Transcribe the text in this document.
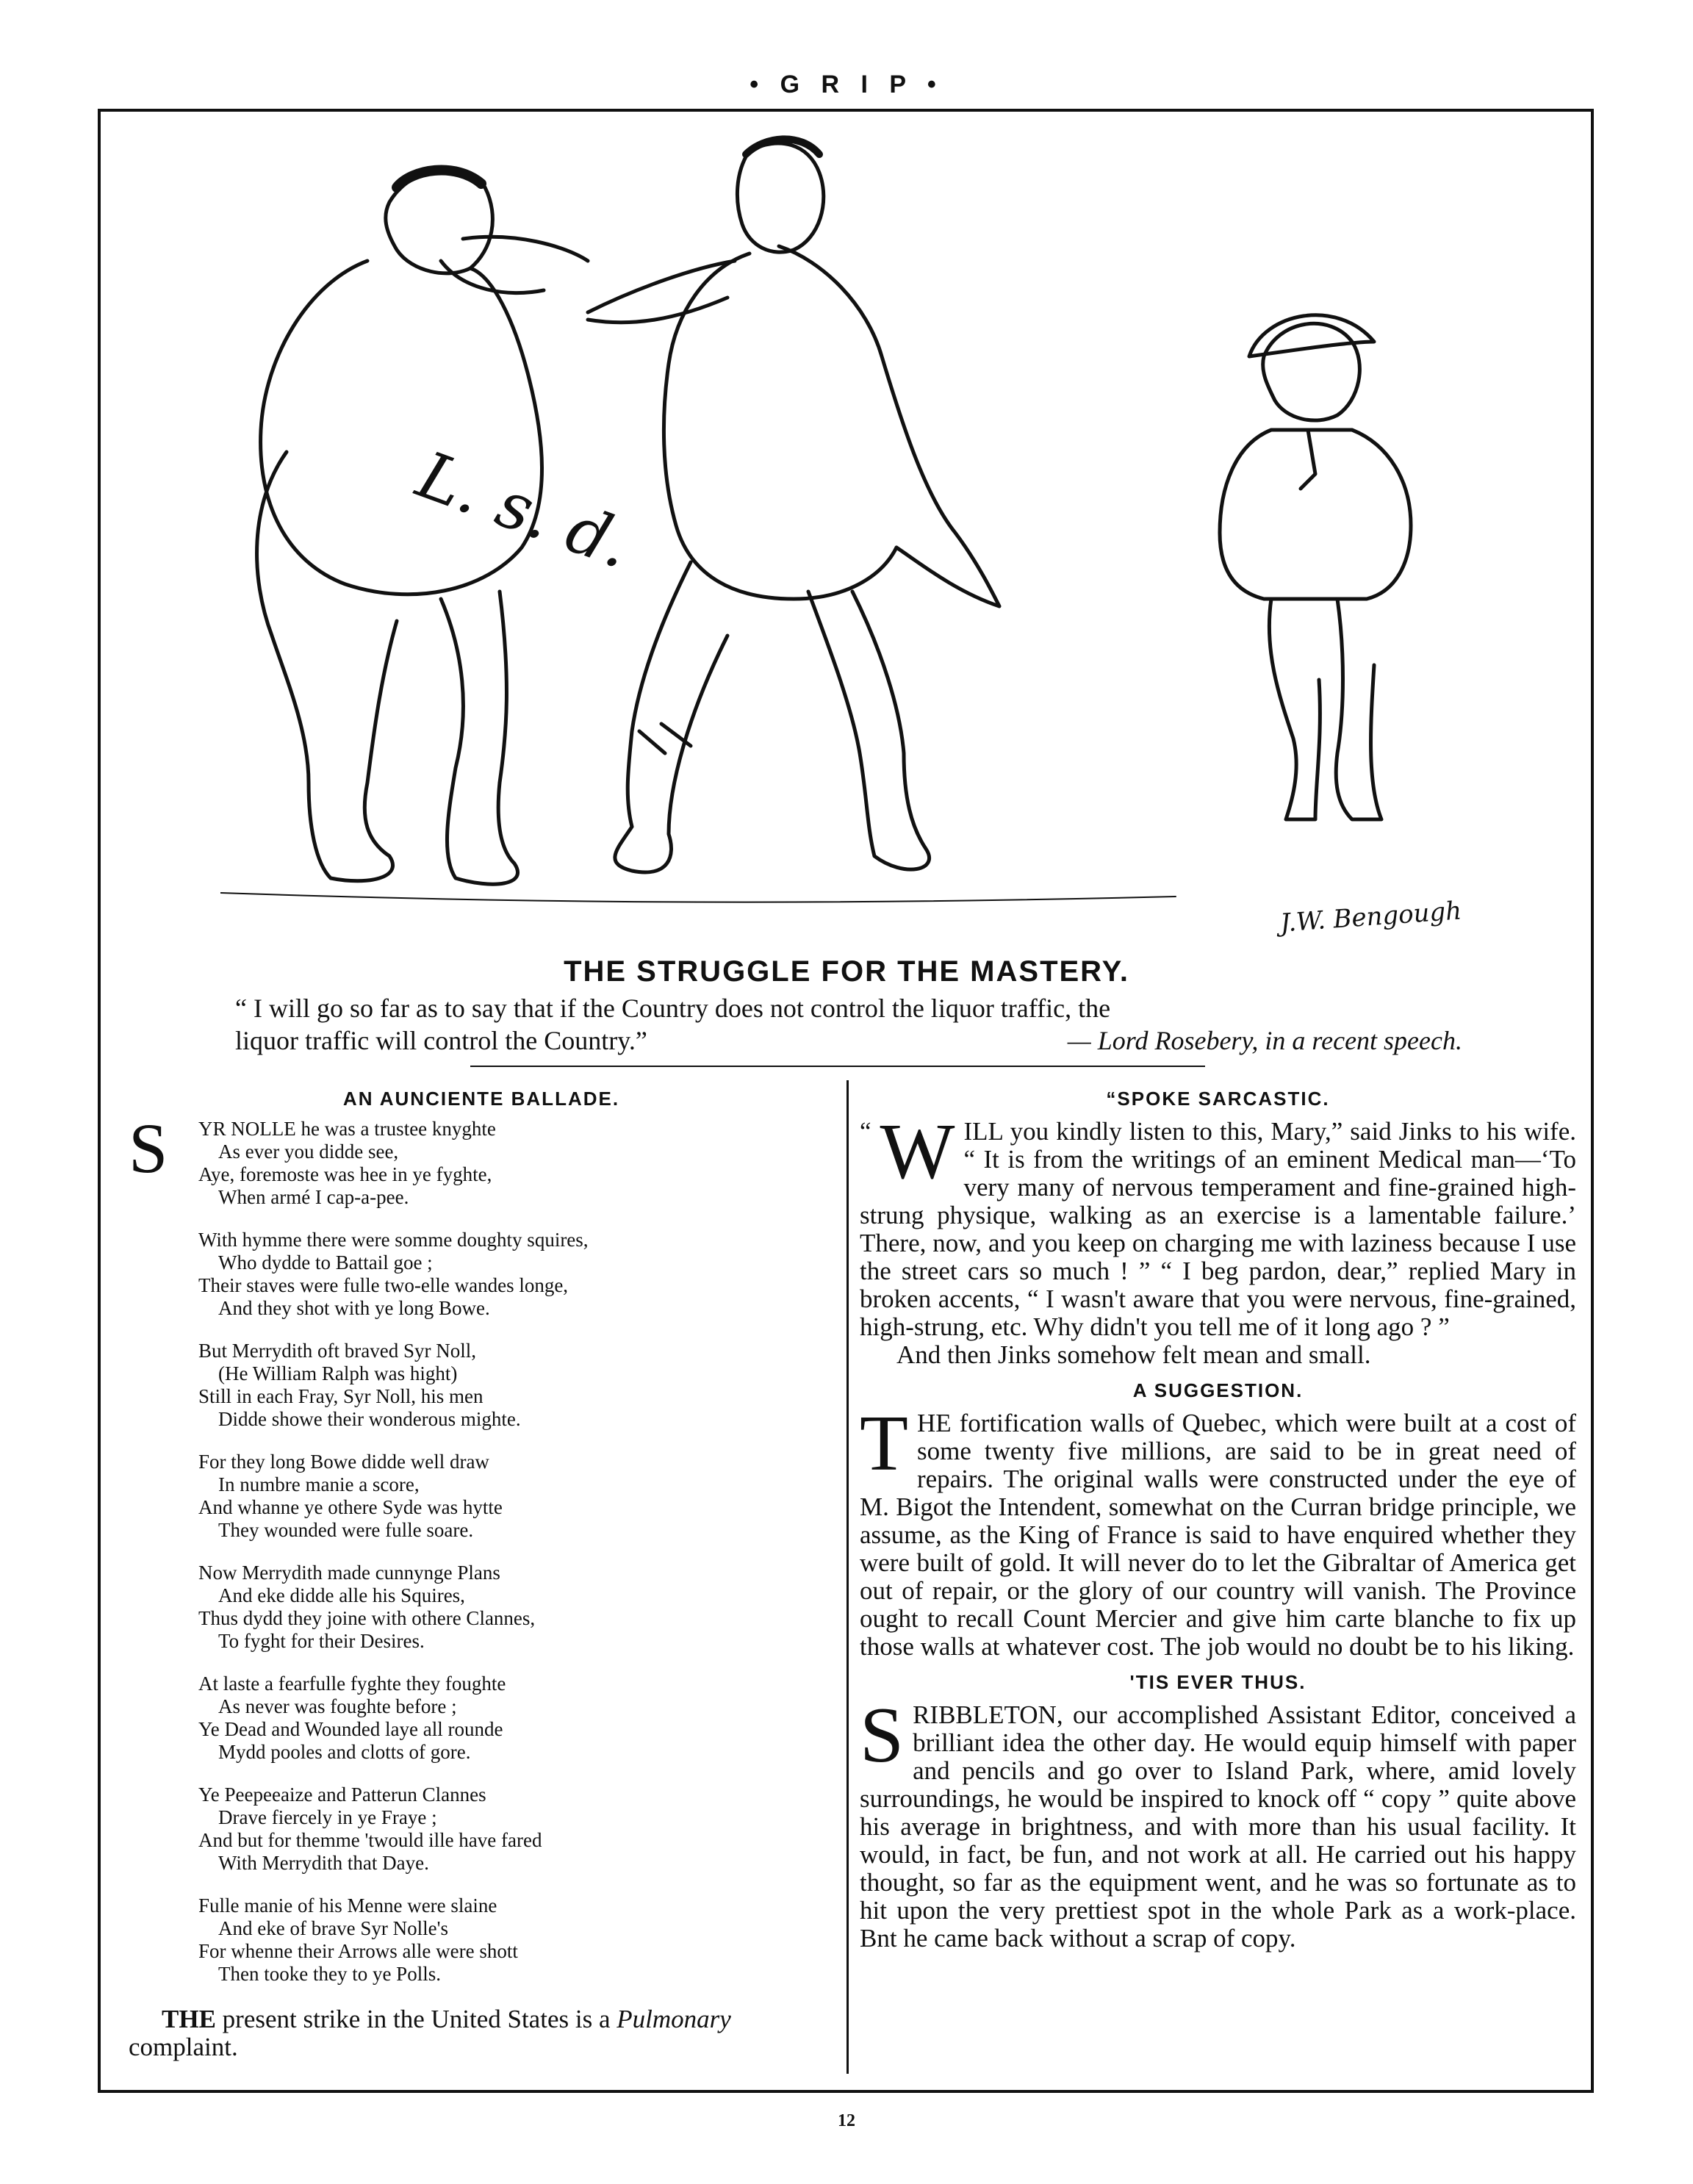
• G R I P •
L. s. d.
J.W. Bengough
THE STRUGGLE FOR THE MASTERY.
“ I will go so far as to say that if the Country does not control the liquor traffic, the
liquor traffic will control the Country.”	— Lord Rosebery, in a recent speech.
AN AUNCIENTE BALLADE.
S YR NOLLE he was a trustee knyghte
As ever you didde see,
Aye, foremoste was hee in ye fyghte,
When armé I cap-a-pee.
With hymme there were somme doughty squires,
Who dydde to Battail goe ;
Their staves were fulle two-elle wandes longe,
And they shot with ye long Bowe.
But Merrydith oft braved Syr Noll,
(He William Ralph was hight)
Still in each Fray, Syr Noll, his men
Didde showe their wonderous mighte.
For they long Bowe didde well draw
In numbre manie a score,
And whanne ye othere Syde was hytte
They wounded were fulle soare.
Now Merrydith made cunnynge Plans
And eke didde alle his Squires,
Thus dydd they joine with othere Clannes,
To fyght for their Desires.
At laste a fearfulle fyghte they foughte
As never was foughte before ;
Ye Dead and Wounded laye all rounde
Mydd pooles and clotts of gore.
Ye Peepeeaize and Patterun Clannes
Drave fiercely in ye Fraye ;
And but for themme 'twould ille have fared
With Merrydith that Daye.
Fulle manie of his Menne were slaine
And eke of brave Syr Nolle's
For whenne their Arrows alle were shott
Then tooke they to ye Polls.
THE present strike in the United States is a Pulmonary complaint.
“SPOKE SARCASTIC.
“ W ILL you kindly listen to this, Mary,” said Jinks to his wife. “ It is from the writings of an eminent Medical man—‘To very many of nervous temperament and fine-grained high-strung physique, walking as an exercise is a lamentable failure.’ There, now, and you keep on charging me with laziness because I use the street cars so much ! ” “ I beg pardon, dear,” replied Mary in broken accents, “ I wasn't aware that you were nervous, fine-grained, high-strung, etc. Why didn't you tell me of it long ago ? ”
And then Jinks somehow felt mean and small.
A SUGGESTION.
THE fortification walls of Quebec, which were built at a cost of some twenty five millions, are said to be in great need of repairs. The original walls were constructed under the eye of M. Bigot the Intendent, somewhat on the Curran bridge principle, we assume, as the King of France is said to have enquired whether they were built of gold. It will never do to let the Gibraltar of America get out of repair, or the glory of our country will vanish. The Province ought to recall Count Mercier and give him carte blanche to fix up those walls at whatever cost. The job would no doubt be to his liking.
'TIS EVER THUS.
SRIBBLETON, our accomplished Assistant Editor, conceived a brilliant idea the other day. He would equip himself with paper and pencils and go over to Island Park, where, amid lovely surroundings, he would be inspired to knock off “ copy ” quite above his average in brightness, and with more than his usual facility. It would, in fact, be fun, and not work at all. He carried out his happy thought, so far as the equipment went, and he was so fortunate as to hit upon the very prettiest spot in the whole Park as a work-place. Bnt he came back without a scrap of copy.
12
